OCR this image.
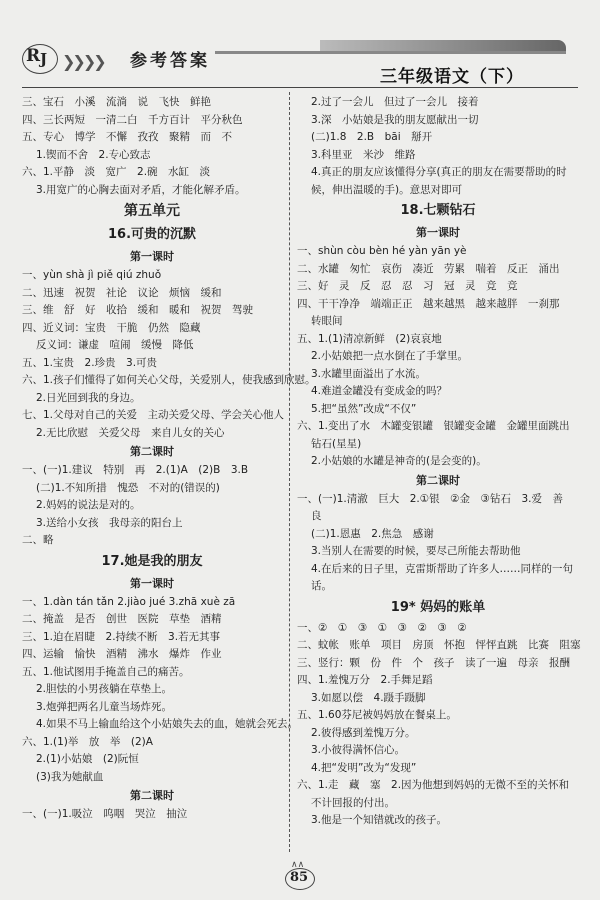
R J ❯❯❯❯ 参考答案
三年级语文（下）
三、宝石　小溪　流淌　说　飞快　鲜艳
四、三长两短　一清二白　千方百计　平分秋色
五、专心　博学　不懈　孜孜　聚精　而　不
1.锲而不舍　2.专心致志
六、1.平静　淡　宽广　2.碗　水缸　淡
3.用宽广的心胸去面对矛盾，才能化解矛盾。
第五单元
16.可贵的沉默
第一课时
一、yùn shà jì piě qiú zhuǒ
二、迅速　祝贺　社论　议论　烦恼　缓和
三、维　舒　好　收拾　缓和　暖和　祝贺　驾驶
四、近义词：宝贵　干脆　仍然　隐藏
反义词：谦虚　喧闹　缓慢　降低
五、1.宝贵　2.珍贵　3.可贵
六、1.孩子们懂得了如何关心父母，关爱别人，使我感到欣慰。
2.日光回到我的身边。
七、1.父母对自己的关爱　主动关爱父母、学会关心他人
2.无比欣慰　关爱父母　来自儿女的关心
第二课时
一、(一)1.建议　特别　再　2.(1)A　(2)B　3.B
(二)1.不知所措　愧恐　不对的(错误的)
2.妈妈的说法是对的。
3.送给小女孩　我母亲的阳台上
二、略
17.她是我的朋友
第一课时
一、1.dàn tán tǎn 2.jiào jué 3.zhā xuè zā
二、掩盖　是否　创世　医院　草垫　酒精
三、1.迫在眉睫　2.持续不断　3.若无其事
四、运输　愉快　酒精　沸水　爆炸　作业
五、1.他试图用手掩盖自己的痛苦。
2.胆怯的小男孩躺在草垫上。
3.炮弹把两名儿童当场炸死。
4.如果不马上输血给这个小姑娘失去的血，她就会死去。
六、1.(1)举　放　举　(2)A
2.(1)小姑娘　(2)阮恒
(3)我为她献血
第二课时
一、(一)1.吸泣　呜咽　哭泣　抽泣
2.过了一会儿　但过了一会儿　接着
3.深　小姑娘是我的朋友愿献出一切
(二)1.8　2.B　bāi　掰开
3.科里亚　米沙　维路
4.真正的朋友应该懂得分享(真正的朋友在需要帮助的时
候，伸出温暖的手)。意思对即可
18.七颗钻石
第一课时
一、shùn còu bèn hé yàn yān yè
二、水罐　匆忙　哀伤　凑近　劳累　喘着　反正　涌出
三、好　灵　反　忍　忍　习　冠　灵　竞　竞
四、干干净净　端端正正　越来越黑　越来越胖　一刹那
转眼间
五、1.(1)清凉新鲜　(2)哀哀地
2.小姑娘把一点水倒在了手掌里。
3.水罐里面溢出了水流。
4.难道金罐没有变成金的吗？
5.把“虽然”改成“不仅”
六、1.变出了水　木罐变银罐　银罐变金罐　金罐里面跳出
钻石(星星)
2.小姑娘的水罐是神奇的(是会变的)。
第二课时
一、(一)1.清澈　巨大　2.①银　②金　③钻石　3.爱　善
良
(二)1.恩惠　2.焦急　感谢
3.当别人在需要的时候，要尽己所能去帮助他
4.在后来的日子里，克雷斯帮助了许多人……同样的一句
话。
19* 妈妈的账单
一、②　①　③　①　③　②　③　②
二、蚊帐　账单　项目　房顶　怀抱　怦怦直跳　比赛　阻塞
三、竖行：颗　份　件　个　孩子　读了一遍　母亲　报酬
四、1.羞愧万分　2.手舞足蹈
3.如愿以偿　4.蹑手蹑脚
五、1.60芬尼被妈妈放在餐桌上。
2.彼得感到羞愧万分。
3.小彼得满怀信心。
4.把“发明”改为“发现”
六、1.走　藏　塞　2.因为他想到妈妈的无微不至的关怀和
不计回报的付出。
3.他是一个知错就改的孩子。
∧∧
85
